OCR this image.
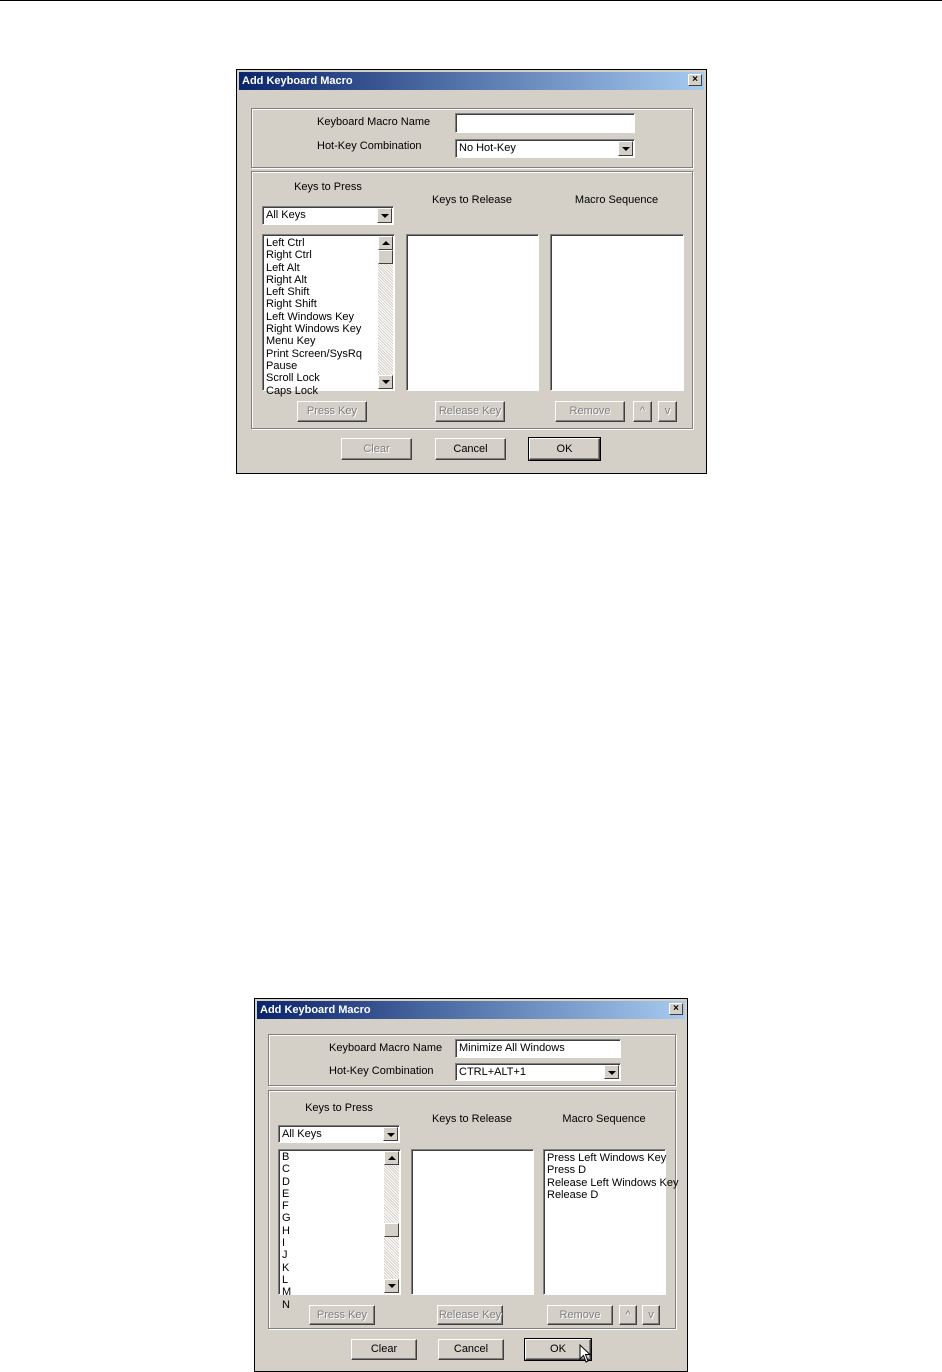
Add Keyboard Macro	×
Keyboard Macro Name
Hot-Key Combination	No Hot-Key
Keys to Press
All Keys
Keys to Release	Macro Sequence
Left Ctrl
Right Ctrl
Left Alt
Right Alt
Left Shift
Right Shift
Left Windows Key
Right Windows Key
Menu Key
Print Screen/SysRq
Pause
Scroll Lock
Caps Lock
Press Key	Release Key	Remove	^	v
Clear	Cancel	OK
Add Keyboard Macro	×
Keyboard Macro Name	Minimize All Windows
Hot-Key Combination CTRL+ALT+1
Keys to Press
All Keys
Keys to Release	Macro Sequence
B
C
D
E
F
G
H
I
J
K
L
M
N
Press Left Windows Key
Press D
Release Left Windows Key
Release D
Press Key	Release Key	Remove	^	v
Clear	Cancel	OK
